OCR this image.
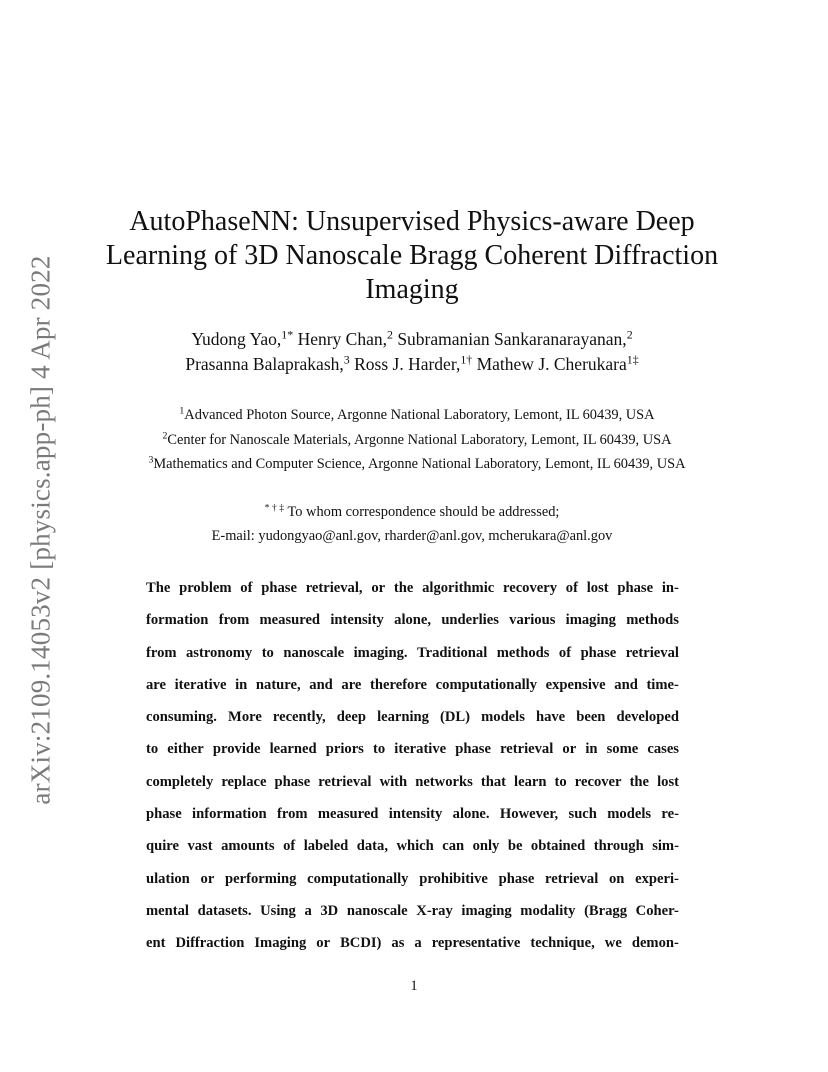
arXiv:2109.14053v2 [physics.app-ph] 4 Apr 2022
AutoPhaseNN: Unsupervised Physics-aware Deep
Learning of 3D Nanoscale Bragg Coherent Diffraction
Imaging
Yudong Yao,$^{1*}$ Henry Chan,$^2$ Subramanian Sankaranarayanan,$^2$
Prasanna Balaprakash,$^3$ Ross J. Harder,$^{1\dagger}$ Mathew J. Cherukara$^{1\ddagger}$
$^1$Advanced Photon Source, Argonne National Laboratory, Lemont, IL 60439, USA
$^2$Center for Nanoscale Materials, Argonne National Laboratory, Lemont, IL 60439, USA
$^3$Mathematics and Computer Science, Argonne National Laboratory, Lemont, IL 60439, USA
* † ‡ To whom correspondence should be addressed;
E-mail: yudongyao@anl.gov, rharder@anl.gov, mcherukara@anl.gov
The problem of phase retrieval, or the algorithmic recovery of lost phase in-
formation from measured intensity alone, underlies various imaging methods
from astronomy to nanoscale imaging. Traditional methods of phase retrieval
are iterative in nature, and are therefore computationally expensive and time-
consuming. More recently, deep learning (DL) models have been developed
to either provide learned priors to iterative phase retrieval or in some cases
completely replace phase retrieval with networks that learn to recover the lost
phase information from measured intensity alone. However, such models re-
quire vast amounts of labeled data, which can only be obtained through sim-
ulation or performing computationally prohibitive phase retrieval on experi-
mental datasets. Using a 3D nanoscale X-ray imaging modality (Bragg Coher-
ent Diffraction Imaging or BCDI) as a representative technique, we demon-
1
